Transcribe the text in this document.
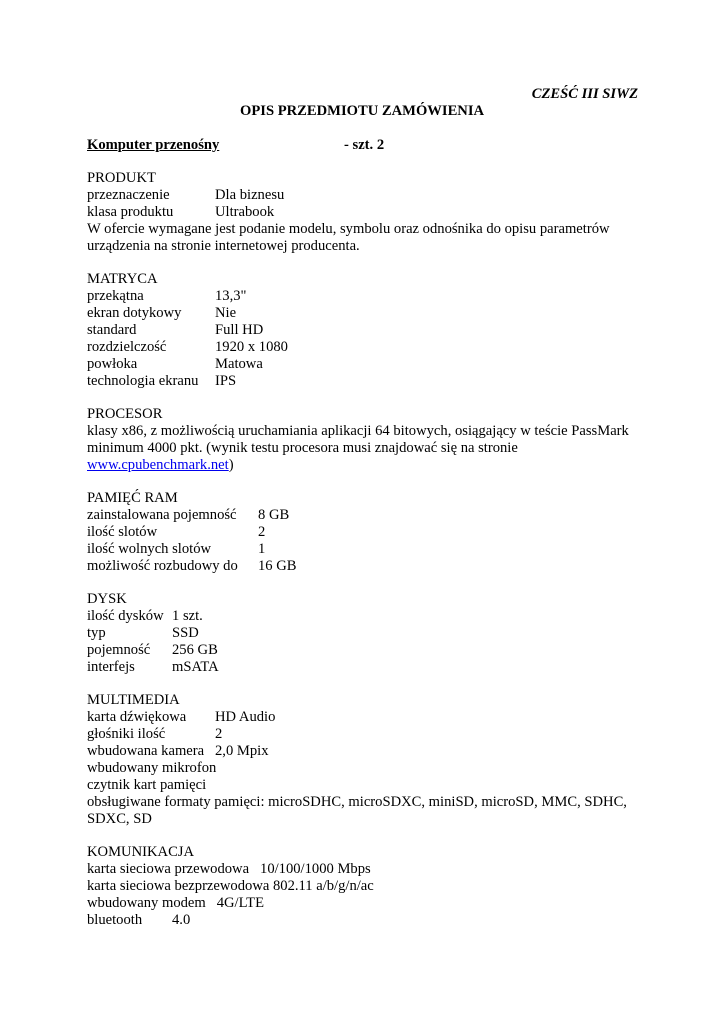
CZEŚĆ III SIWZ
OPIS PRZEDMIOTU ZAMÓWIENIA
Komputer przenośny	- szt. 2
PRODUKT
przeznaczenie	Dla biznesu
klasa produktu	Ultrabook
W ofercie wymagane jest podanie modelu, symbolu oraz odnośnika do opisu parametrów
urządzenia na stronie internetowej producenta.
MATRYCA
przekątna	13,3"
ekran dotykowy Nie
standard	Full HD
rozdzielczość	1920 x 1080
powłoka	Matowa
technologia ekranu IPS
PROCESOR
klasy x86, z możliwością uruchamiania aplikacji 64 bitowych, osiągający w teście PassMark
minimum 4000 pkt. (wynik testu procesora musi znajdować się na stronie
www.cpubenchmark.net)
PAMIĘĆ RAM
zainstalowana pojemność 8 GB
ilość slotów	2
ilość wolnych slotów	1
możliwość rozbudowy do 16 GB
DYSK
ilość dysków 1 szt.
typ	SSD
pojemność 256 GB
interfejs	mSATA
MULTIMEDIA
karta dźwiękowa HD Audio
głośniki ilość	2
wbudowana kamera 2,0 Mpix
wbudowany mikrofon
czytnik kart pamięci
obsługiwane formaty pamięci: microSDHC, microSDXC, miniSD, microSD, MMC, SDHC,
SDXC, SD
KOMUNIKACJA
karta sieciowa przewodowa   10/100/1000 Mbps
karta sieciowa bezprzewodowa 802.11 a/b/g/n/ac
wbudowany modem   4G/LTE
bluetooth 4.0
